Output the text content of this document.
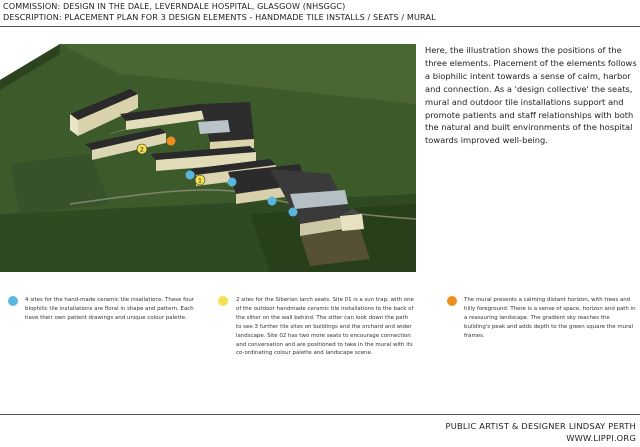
COMMISSION: DESIGN IN THE DALE, LEVERNDALE HOSPITAL, GLASGOW (NHSGGC)
DESCRIPTION: PLACEMENT PLAN FOR 3 DESIGN ELEMENTS - HANDMADE TILE INSTALLS / SEATS / MURAL
2
1
Here, the illustration shows the positions of the three elements. Placement of the elements follows a biophilic intent towards a sense of calm, harbor and connection. As a 'design collective' the seats, mural and outdoor tile installations support and promote patients and staff relationships with both the natural and built environments of the hospital towards improved well-being.
4 sites for the hand-made ceramic tile insallations. These four biophilic tile installations are floral in shape and pattern. Each have their own patient drawings and unique colour palette.
2 sites for the Siberian larch seats. Site 01 is a sun trap, with one of the outdoor handmade ceramic tile installations to the back of the sitter on the wall behind. The sitter can look down the path to see 3 further tile sites on buildings and the orchard and wider landscape. Site 02 has two more seats to encourage connection and conversation and are positioned to take in the mural with its co-ordinating colour palette and landscape scene.
The mural presents a calming distant horizon, with trees and hilly foreground. There is a sense of space, horizon and path in a reassuring landscape. The gradient sky reaches the building's peak and adds depth to the green square the mural frames.
PUBLIC ARTIST & DESIGNER LINDSAY PERTH
WWW.LIPPI.ORG
